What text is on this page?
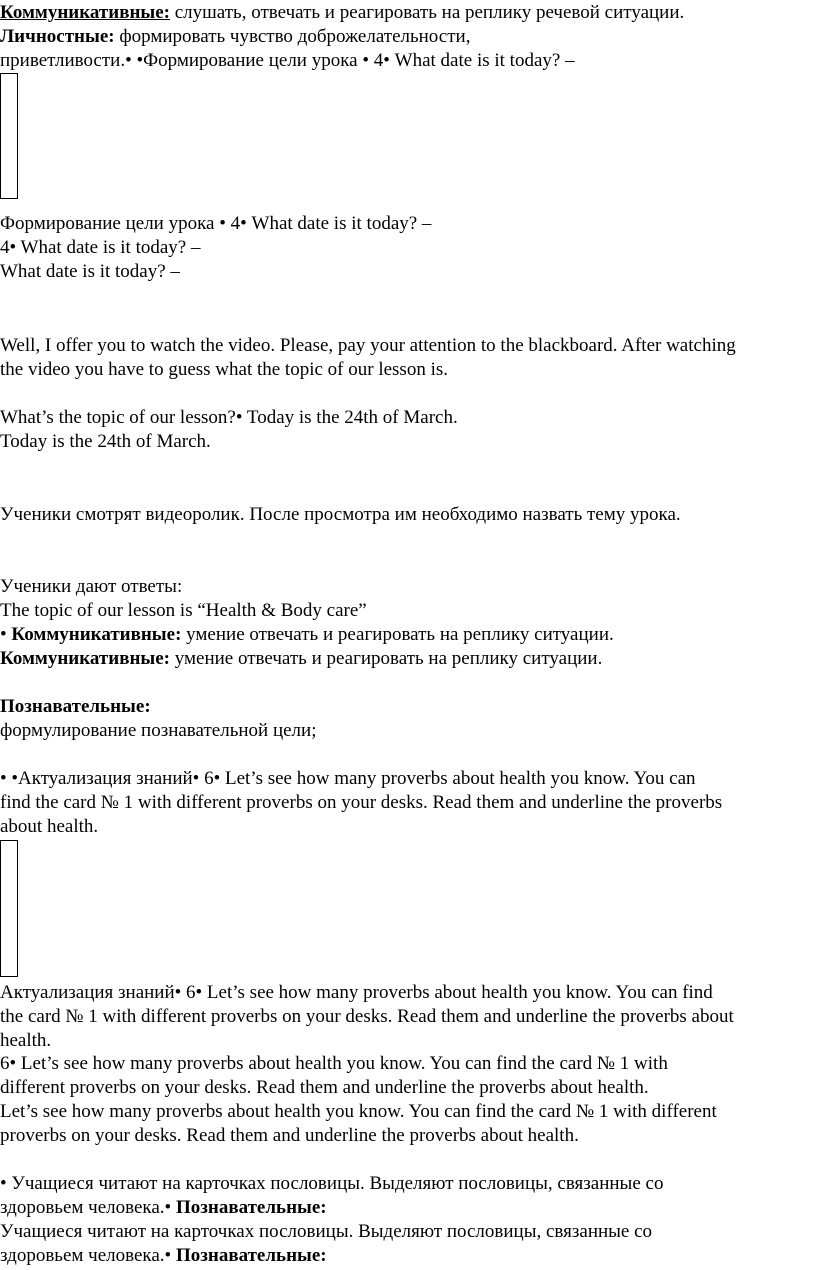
Коммуникативные: слушать, отвечать и реагировать на реплику речевой ситуации.
Личностные: формировать чувство доброжелательности,
приветливости.• •Формирование цели урока • 4• What date is it today? –
Формирование цели урока • 4• What date is it today? –
4• What date is it today? –
What date is it today? –
Well, I offer you to watch the video. Please, pay your attention to the blackboard. After watching
the video you have to guess what the topic of our lesson is.
What’s the topic of our lesson?• Today is the 24th of March.
Today is the 24th of March.
Ученики смотрят видеоролик. После просмотра им необходимо назвать тему урока.
Ученики дают ответы:
The topic of our lesson is “Health & Body care”
• Коммуникативные: умение отвечать и реагировать на реплику ситуации.
Коммуникативные: умение отвечать и реагировать на реплику ситуации.
Познавательные:
формулирование познавательной цели;
• •Актуализация знаний• 6• Let’s see how many proverbs about health you know. You can
find the card № 1 with different proverbs on your desks. Read them and underline the proverbs
about health.
Актуализация знаний• 6• Let’s see how many proverbs about health you know. You can find
the card № 1 with different proverbs on your desks. Read them and underline the proverbs about
health.
6• Let’s see how many proverbs about health you know. You can find the card № 1 with
different proverbs on your desks. Read them and underline the proverbs about health.
Let’s see how many proverbs about health you know. You can find the card № 1 with different
proverbs on your desks. Read them and underline the proverbs about health.
• Учащиеся читают на карточках пословицы. Выделяют пословицы, связанные со
здоровьем человека.• Познавательные:
Учащиеся читают на карточках пословицы. Выделяют пословицы, связанные со
здоровьем человека.• Познавательные:
